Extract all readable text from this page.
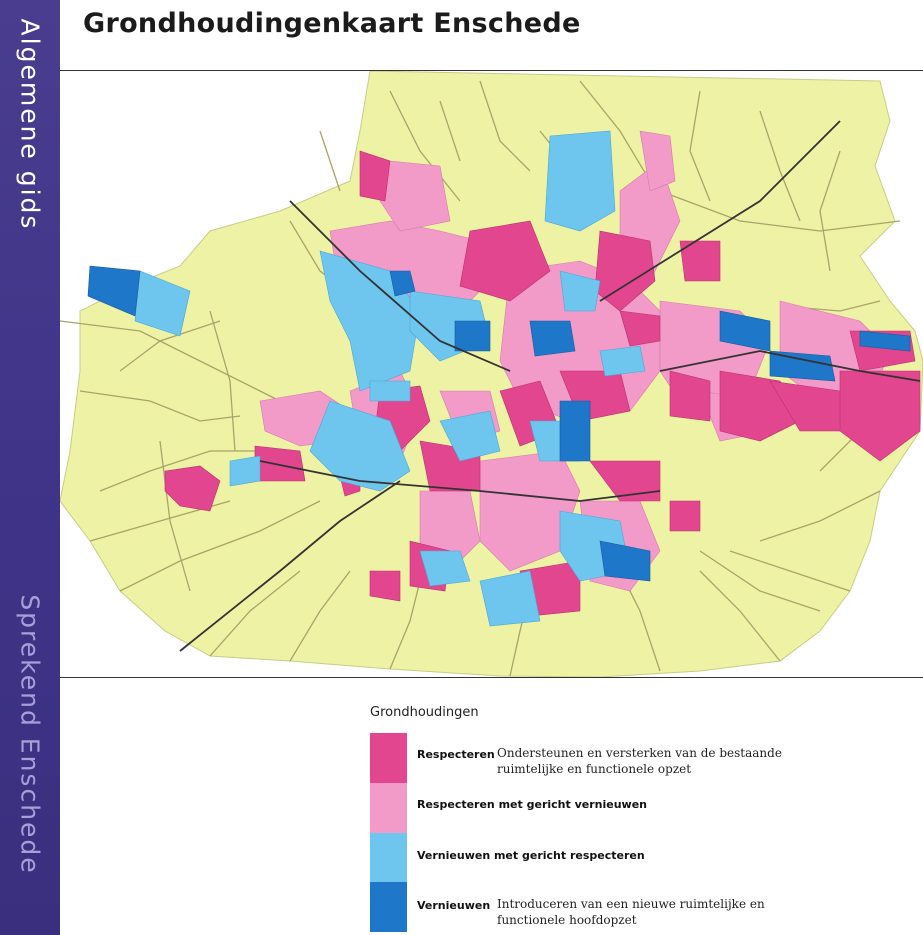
Algemene gids
Sprekend Enschede
Grondhoudingenkaart Enschede
Grondhoudingen
Respecteren Ondersteunen en versterken van de bestaande
ruimtelijke en functionele opzet
Respecteren met gericht vernieuwen
Vernieuwen met gericht respecteren
Vernieuwen Introduceren van een nieuwe ruimtelijke en
functionele hoofdopzet
